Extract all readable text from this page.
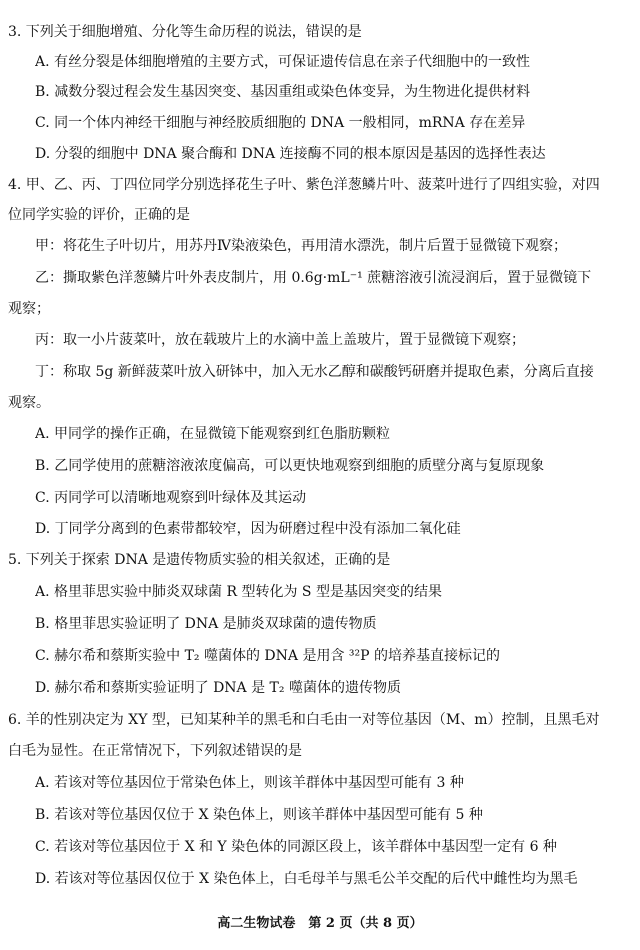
3. 下列关于细胞增殖、分化等生命历程的说法，错误的是
A. 有丝分裂是体细胞增殖的主要方式，可保证遗传信息在亲子代细胞中的一致性
B. 减数分裂过程会发生基因突变、基因重组或染色体变异，为生物进化提供材料
C. 同一个体内神经干细胞与神经胶质细胞的 DNA 一般相同，mRNA 存在差异
D. 分裂的细胞中 DNA 聚合酶和 DNA 连接酶不同的根本原因是基因的选择性表达
4. 甲、乙、丙、丁四位同学分别选择花生子叶、紫色洋葱鳞片叶、菠菜叶进行了四组实验，对四
位同学实验的评价，正确的是
甲：将花生子叶切片，用苏丹Ⅳ染液染色，再用清水漂洗，制片后置于显微镜下观察；
乙：撕取紫色洋葱鳞片叶外表皮制片，用 0.6g·mL⁻¹ 蔗糖溶液引流浸润后，置于显微镜下
观察；
丙：取一小片菠菜叶，放在载玻片上的水滴中盖上盖玻片，置于显微镜下观察；
丁：称取 5g 新鲜菠菜叶放入研钵中，加入无水乙醇和碳酸钙研磨并提取色素，分离后直接
观察。
A. 甲同学的操作正确，在显微镜下能观察到红色脂肪颗粒
B. 乙同学使用的蔗糖溶液浓度偏高，可以更快地观察到细胞的质壁分离与复原现象
C. 丙同学可以清晰地观察到叶绿体及其运动
D. 丁同学分离到的色素带都较窄，因为研磨过程中没有添加二氧化硅
5. 下列关于探索 DNA 是遗传物质实验的相关叙述，正确的是
A. 格里菲思实验中肺炎双球菌 R 型转化为 S 型是基因突变的结果
B. 格里菲思实验证明了 DNA 是肺炎双球菌的遗传物质
C. 赫尔希和蔡斯实验中 T₂ 噬菌体的 DNA 是用含 ³²P 的培养基直接标记的
D. 赫尔希和蔡斯实验证明了 DNA 是 T₂ 噬菌体的遗传物质
6. 羊的性别决定为 XY 型，已知某种羊的黑毛和白毛由一对等位基因（M、m）控制，且黑毛对
白毛为显性。在正常情况下，下列叙述错误的是
A. 若该对等位基因位于常染色体上，则该羊群体中基因型可能有 3 种
B. 若该对等位基因仅位于 X 染色体上，则该羊群体中基因型可能有 5 种
C. 若该对等位基因位于 X 和 Y 染色体的同源区段上，该羊群体中基因型一定有 6 种
D. 若该对等位基因仅位于 X 染色体上，白毛母羊与黑毛公羊交配的后代中雌性均为黑毛
高二生物试卷　第 2 页（共 8 页）
